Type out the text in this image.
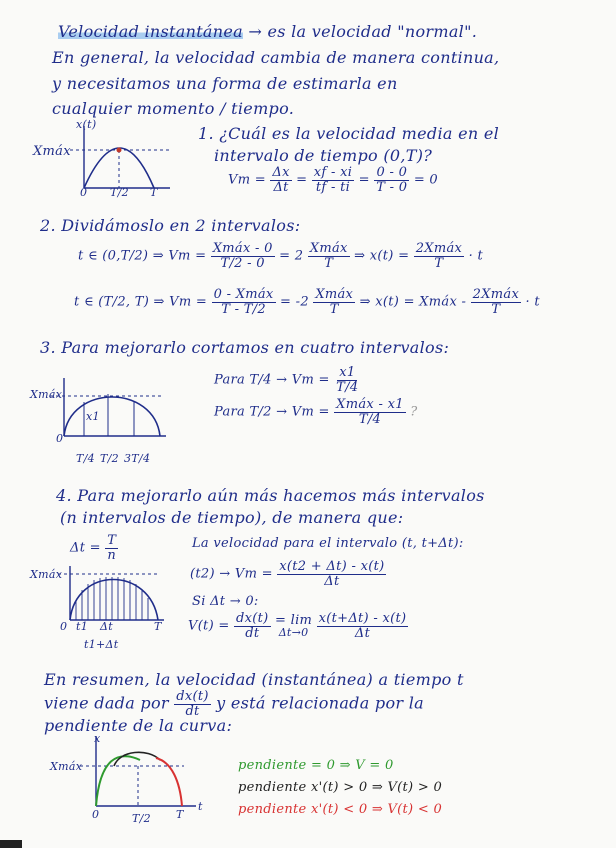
Velocidad instantánea → es la velocidad "normal".
En general, la velocidad cambia de manera continua,
y necesitamos una forma de estimarla en
cualquier momento / tiempo.
x(t)
Xmáx
0 T/2 T
1. ¿Cuál es la velocidad media en el
intervalo de tiempo (0,T)?
$Vm = \frac{\Delta x}{\Delta t} = \frac{xf - xi}{tf - ti} = \frac{0 - 0}{T - 0} = 0$
2. Dividámoslo en 2 intervalos:
t ∈ (0,T/2) ⇒ $Vm = \frac{\text{Xmáx - 0}}{T/2 - 0} = 2 \frac{\text{Xmáx}}{T}$ ⇒ $x(t) = \frac{\text{2Xmáx}}{T} \cdot t$
t ∈ (T/2, T) ⇒ $Vm = \frac{\text{0 - Xmáx}}{T - T/2} = -2 \frac{\text{Xmáx}}{T}$ ⇒ x(t) = Xmáx - $\frac{\text{2Xmáx}}{T} \cdot t$
3. Para mejorarlo cortamos en cuatro intervalos:
Xmáx
x1
0
T/4 T/2 3T/4
Para $T/4 \to Vm = \frac{x1}{T/4}$
Para $T/2 \to Vm = \frac{\text{Xmáx - x1}}{T/4}$ ?
4. Para mejorarlo aún más hacemos más intervalos
(n intervalos de tiempo), de manera que:
$\Delta t = \frac{T}{n}$
Xmáx
0 t1 Δt	T
t1+Δt
La velocidad para el intervalo (t, t+Δt):
$(t2) \to Vm = \frac{x(t2 + \Delta t) - x(t)}{\Delta t}$
Si Δt → 0:
$V(t) = \frac{dx(t)}{dt}$
= lim
Δt→0
$\frac{x(t+\Delta t) - x(t)}{\Delta t}$
En resumen, la velocidad (instantánea) a tiempo t
viene dada por $\frac{dx(t)}{dt}$ y está relacionada por la
pendiente de la curva:
x
Xmáx
0	T/2 T
t
pendiente = 0 ⇒ V = 0
pendiente x'(t) > 0 ⇒ V(t) > 0
pendiente x'(t) < 0 ⇒ V(t) < 0
